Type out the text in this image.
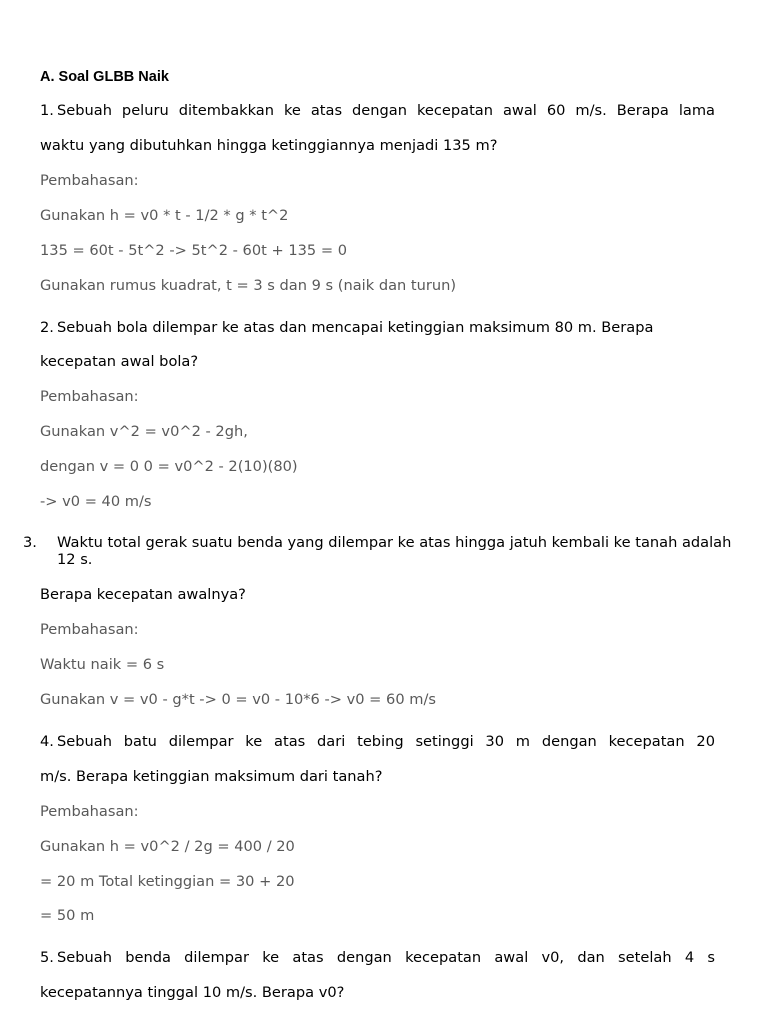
A. Soal GLBB Naik
1. Sebuah peluru ditembakkan ke atas dengan kecepatan awal 60 m/s. Berapa lama
waktu yang dibutuhkan hingga ketinggiannya menjadi 135 m?
Pembahasan:
Gunakan h = v0 * t - 1/2 * g * t^2
135 = 60t - 5t^2 -> 5t^2 - 60t + 135 = 0
Gunakan rumus kuadrat, t = 3 s dan 9 s (naik dan turun)
2. Sebuah bola dilempar ke atas dan mencapai ketinggian maksimum 80 m. Berapa
kecepatan awal bola?
Pembahasan:
Gunakan v^2 = v0^2 - 2gh,
dengan v = 0 0 = v0^2 - 2(10)(80)
-> v0 = 40 m/s
3. Waktu total gerak suatu benda yang dilempar ke atas hingga jatuh kembali ke tanah adalah 12 s.
Berapa kecepatan awalnya?
Pembahasan:
Waktu naik = 6 s
Gunakan v = v0 - g*t -> 0 = v0 - 10*6 -> v0 = 60 m/s
4. Sebuah batu dilempar ke atas dari tebing setinggi 30 m dengan kecepatan 20
m/s. Berapa ketinggian maksimum dari tanah?
Pembahasan:
Gunakan h = v0^2 / 2g = 400 / 20
= 20 m Total ketinggian = 30 + 20
= 50 m
5. Sebuah benda dilempar ke atas dengan kecepatan awal v0, dan setelah 4 s
kecepatannya tinggal 10 m/s. Berapa v0?
